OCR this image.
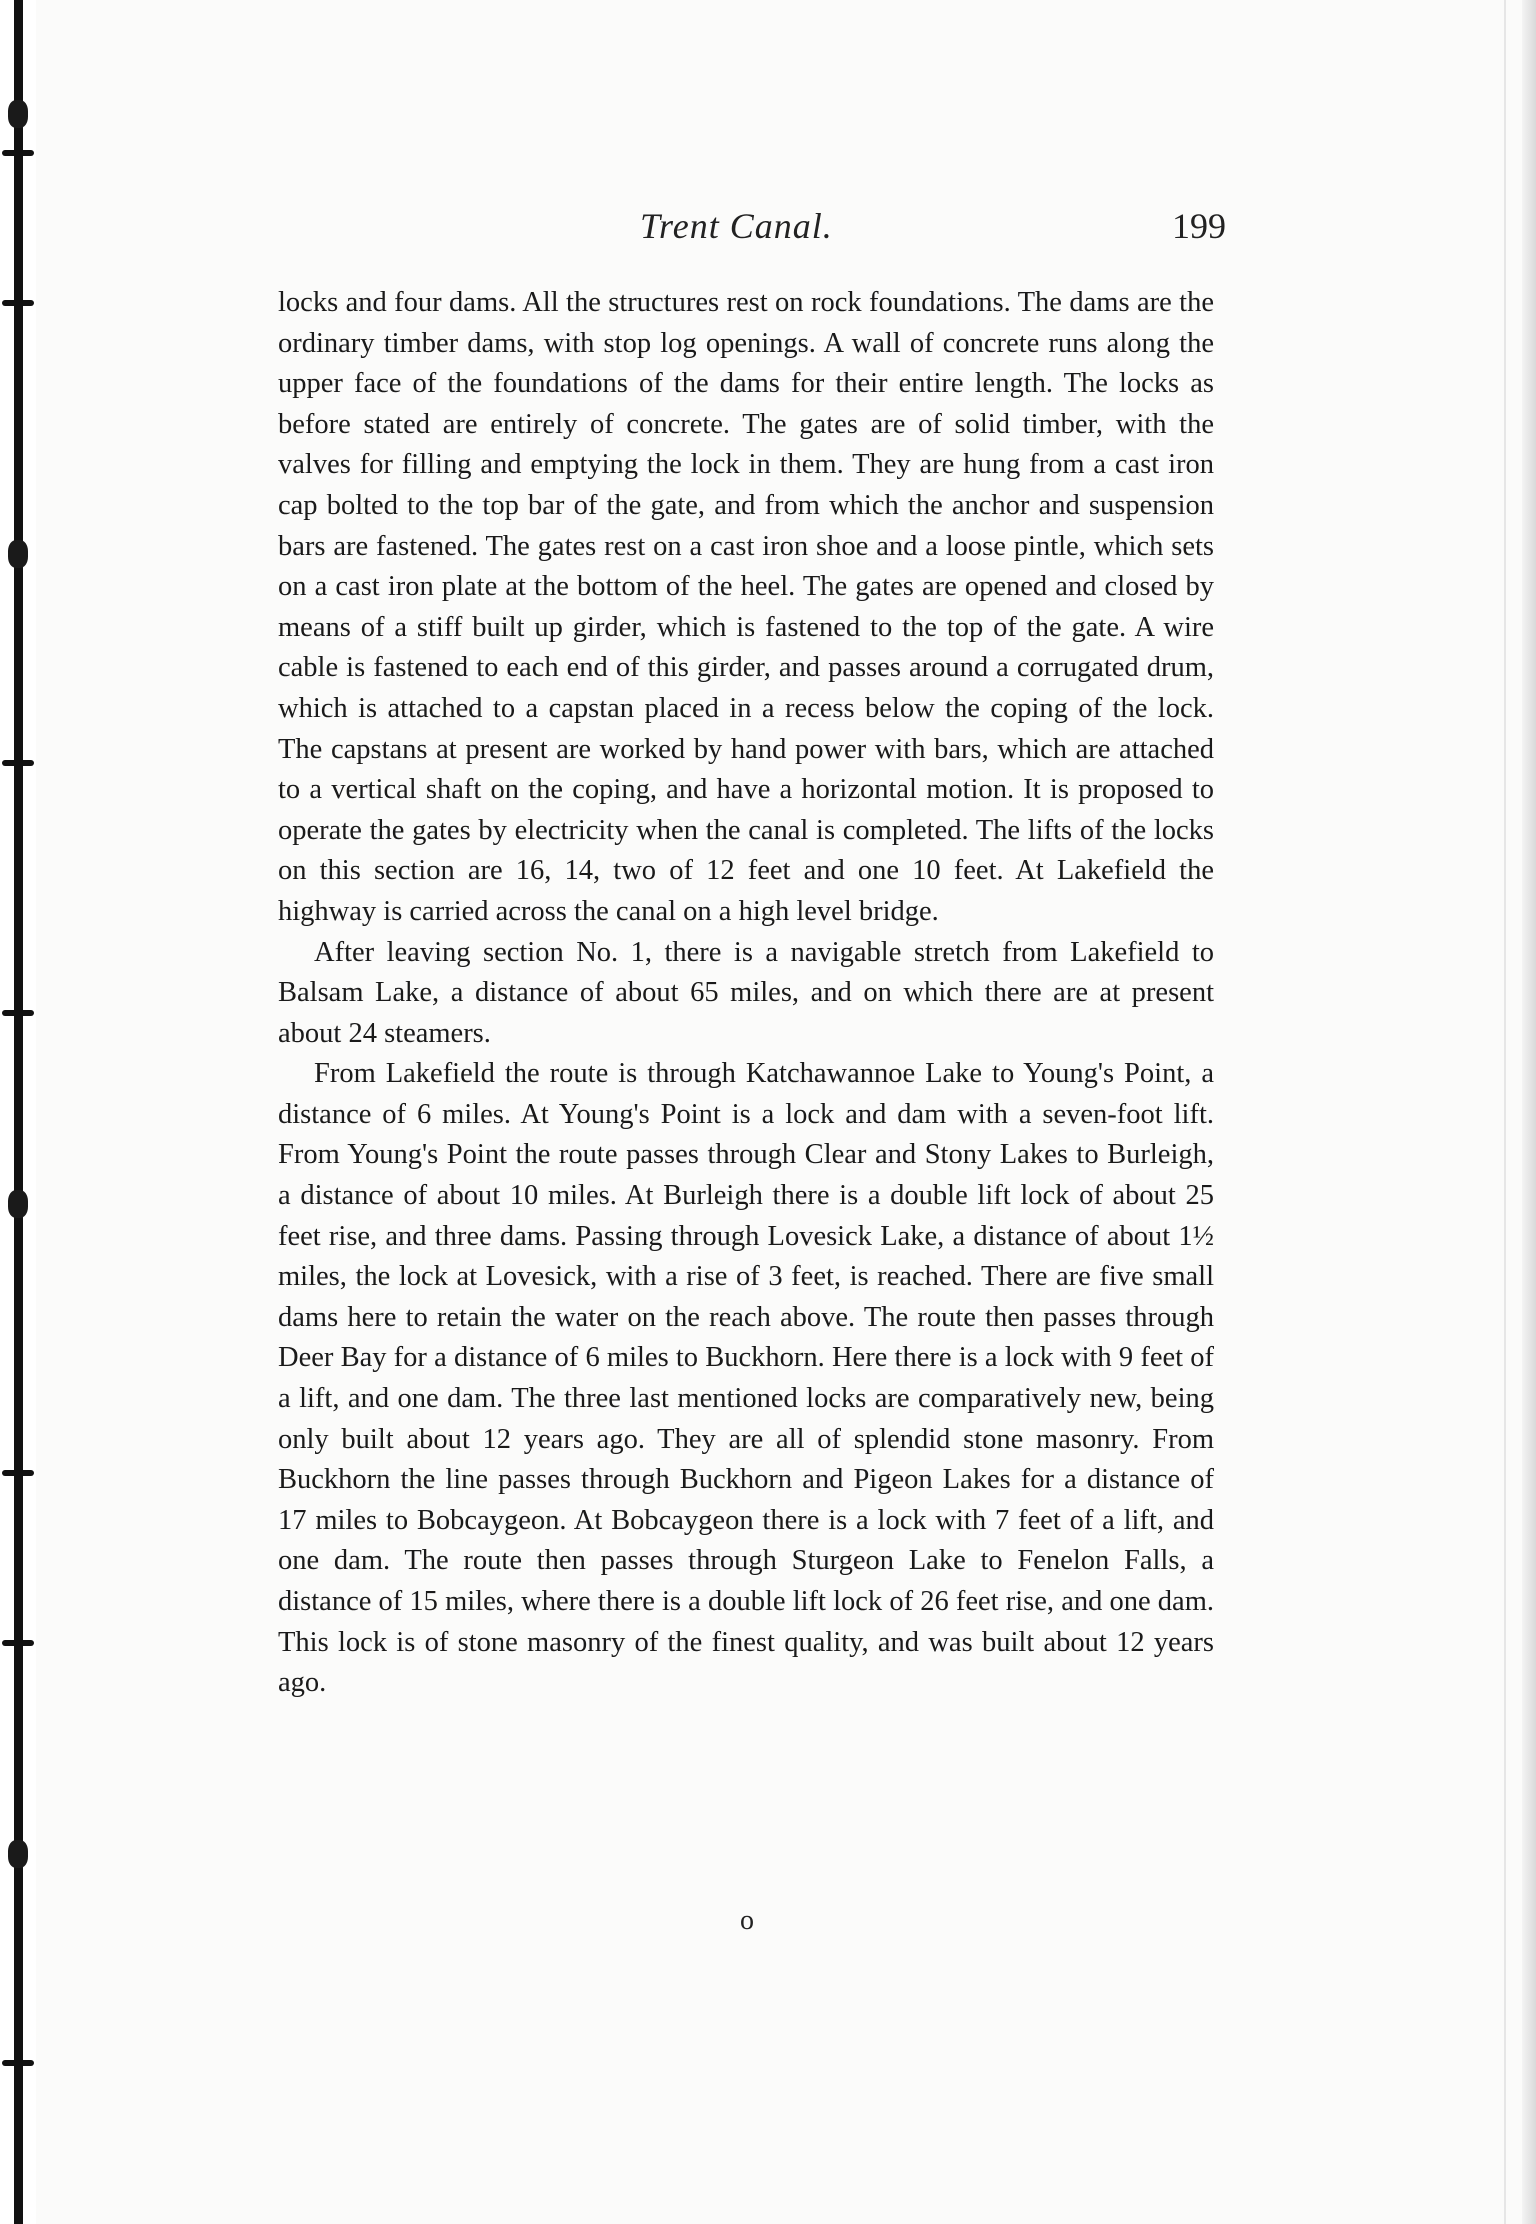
Trent Canal.	199

locks and four dams. All the structures rest on rock foundations. The dams are the ordinary timber dams, with stop log openings. A wall of concrete runs along the upper face of the foundations of the dams for their entire length. The locks as before stated are entirely of concrete. The gates are of solid timber, with the valves for filling and emptying the lock in them. They are hung from a cast iron cap bolted to the top bar of the gate, and from which the anchor and suspension bars are fastened. The gates rest on a cast iron shoe and a loose pintle, which sets on a cast iron plate at the bottom of the heel. The gates are opened and closed by means of a stiff built up girder, which is fastened to the top of the gate. A wire cable is fastened to each end of this girder, and passes around a corrugated drum, which is attached to a capstan placed in a recess below the coping of the lock. The capstans at present are worked by hand power with bars, which are attached to a vertical shaft on the coping, and have a horizontal motion. It is proposed to operate the gates by electricity when the canal is completed. The lifts of the locks on this section are 16, 14, two of 12 feet and one 10 feet. At Lakefield the highway is carried across the canal on a high level bridge.

After leaving section No. 1, there is a navigable stretch from Lakefield to Balsam Lake, a distance of about 65 miles, and on which there are at present about 24 steamers.

From Lakefield the route is through Katchawannoe Lake to Young's Point, a distance of 6 miles. At Young's Point is a lock and dam with a seven-foot lift. From Young's Point the route passes through Clear and Stony Lakes to Burleigh, a distance of about 10 miles. At Burleigh there is a double lift lock of about 25 feet rise, and three dams. Passing through Lovesick Lake, a distance of about 1½ miles, the lock at Lovesick, with a rise of 3 feet, is reached. There are five small dams here to retain the water on the reach above. The route then passes through Deer Bay for a distance of 6 miles to Buckhorn. Here there is a lock with 9 feet of a lift, and one dam. The three last mentioned locks are comparatively new, being only built about 12 years ago. They are all of splendid stone masonry. From Buckhorn the line passes through Buckhorn and Pigeon Lakes for a distance of 17 miles to Bobcaygeon. At Bobcaygeon there is a lock with 7 feet of a lift, and one dam. The route then passes through Sturgeon Lake to Fenelon Falls, a distance of 15 miles, where there is a double lift lock of 26 feet rise, and one dam. This lock is of stone masonry of the finest quality, and was built about 12 years ago.

o
